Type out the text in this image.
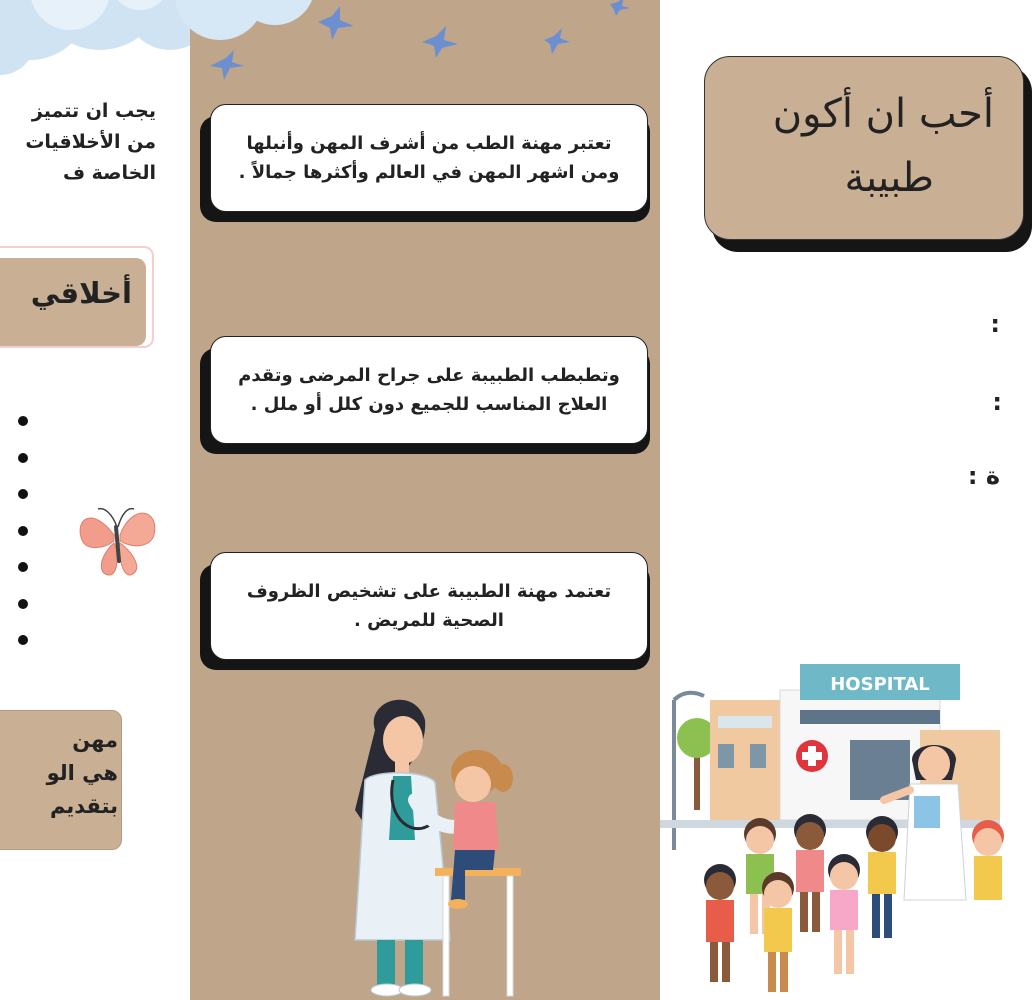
يجب ان تتميز
من الأخلاقيات
الخاصة ف
أخلاقي
مهن
هي الو
بتقديم
تعتبر مهنة الطب من أشرف المهن وأنبلها ومن اشهر المهن في العالم وأكثرها جمالاً .
وتطبطب الطبيبة على جراح المرضى وتقدم العلاج المناسب للجميع دون كلل أو ملل .
تعتمد مهنة الطبيبة على تشخيص الظروف الصحية للمريض .
أحب ان أكون
طبيبة
:
:
ة :
HOSPITAL
